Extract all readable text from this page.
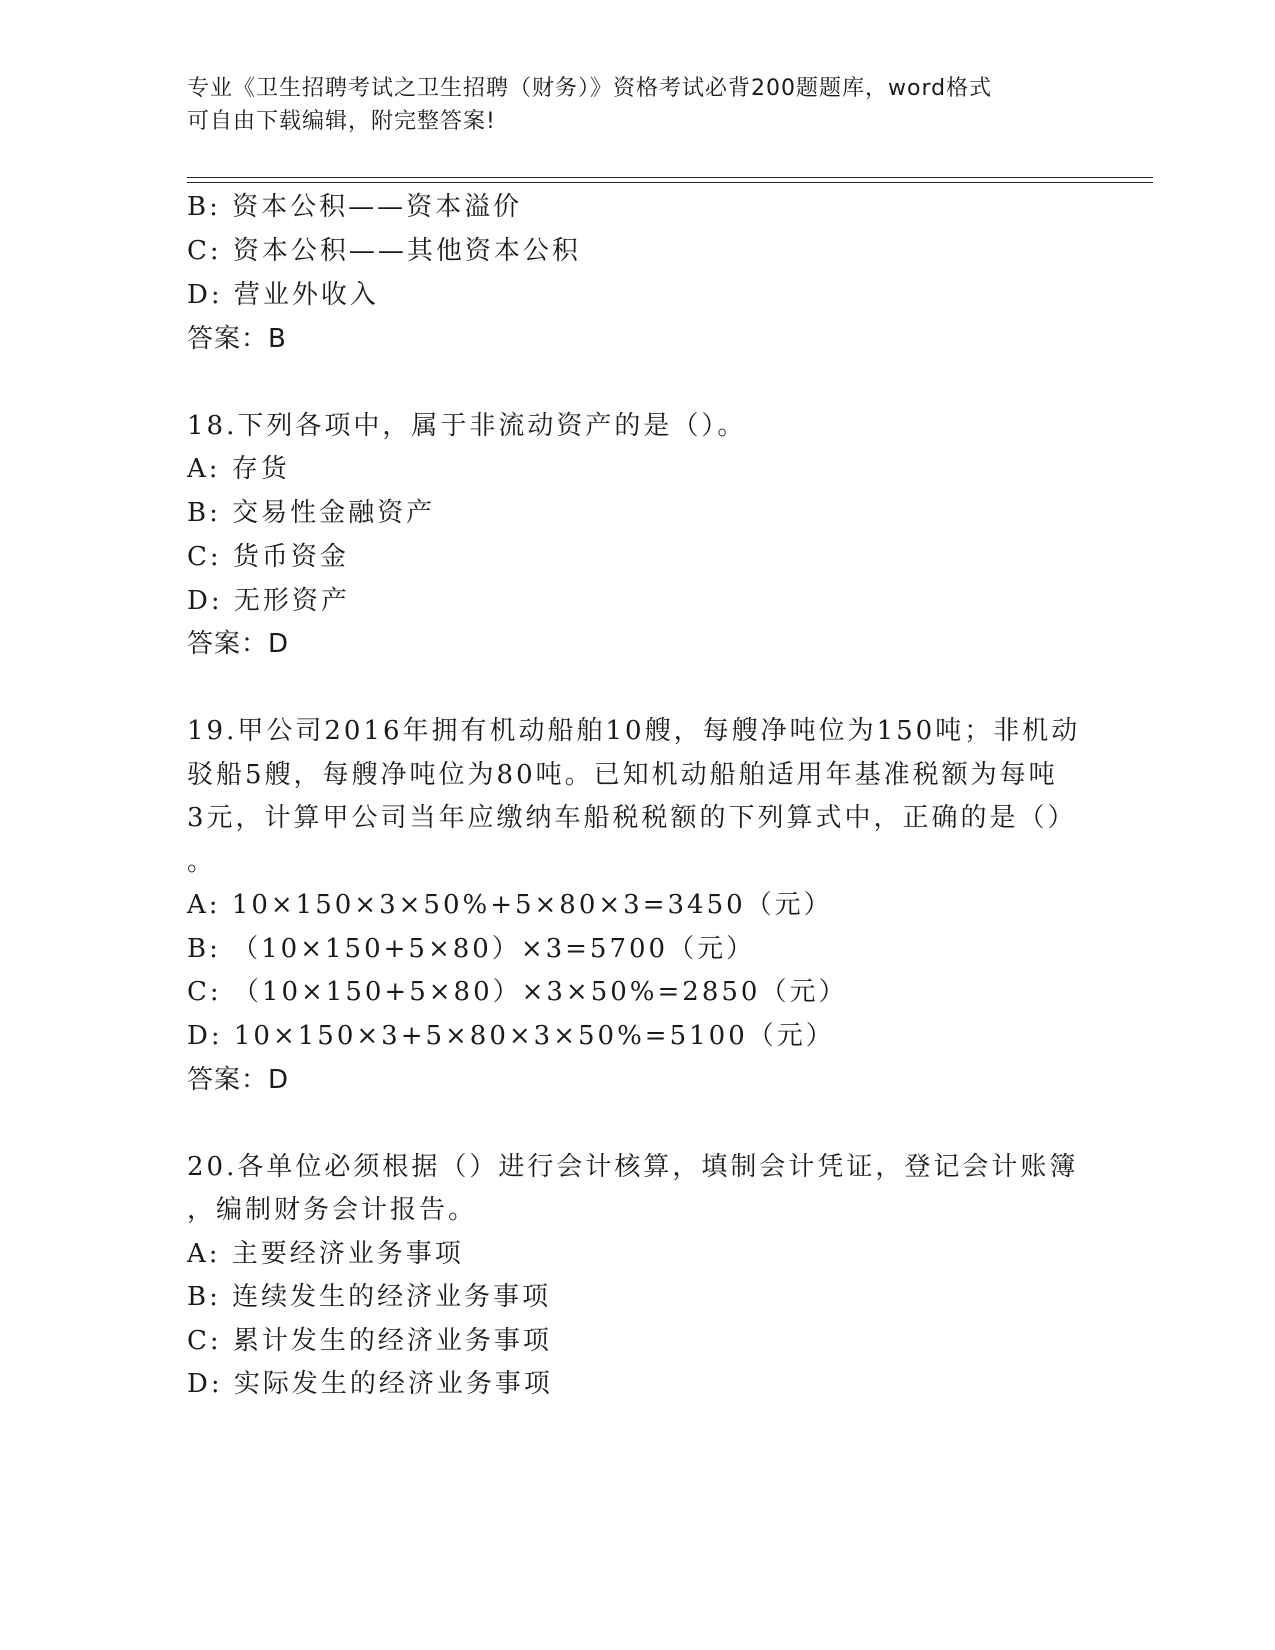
专业《卫生招聘考试之卫生招聘（财务）》资格考试必背200题题库，word格式
可自由下载编辑，附完整答案!
B: 资本公积——资本溢价
C: 资本公积——其他资本公积
D: 营业外收入
答案：B
18.下列各项中，属于非流动资产的是（）。
A: 存货
B: 交易性金融资产
C: 货币资金
D: 无形资产
答案：D
19.甲公司2016年拥有机动船舶10艘，每艘净吨位为150吨；非机动
驳船5艘，每艘净吨位为80吨。已知机动船舶适用年基准税额为每吨
3元，计算甲公司当年应缴纳车船税税额的下列算式中，正确的是（）
。
A: 10×150×3×50%+5×80×3=3450（元）
B: （10×150+5×80）×3=5700（元）
C: （10×150+5×80）×3×50%=2850（元）
D: 10×150×3+5×80×3×50%=5100（元）
答案：D
20.各单位必须根据（）进行会计核算，填制会计凭证，登记会计账簿
，编制财务会计报告。
A: 主要经济业务事项
B: 连续发生的经济业务事项
C: 累计发生的经济业务事项
D: 实际发生的经济业务事项
